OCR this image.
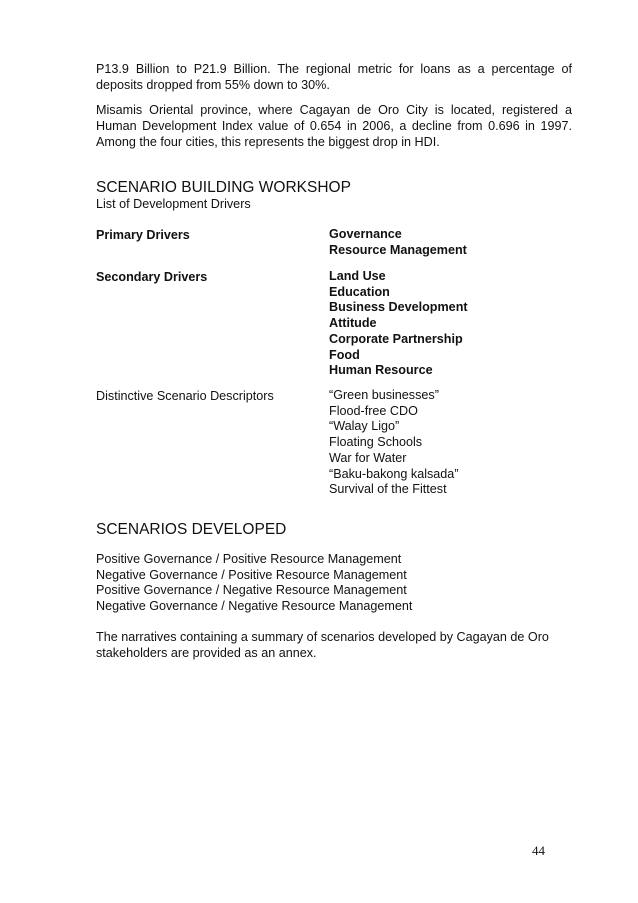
P13.9 Billion to P21.9 Billion. The regional metric for loans as a percentage of deposits dropped from 55% down to 30%.

Misamis Oriental province, where Cagayan de Oro City is located, registered a Human Development Index value of 0.654 in 2006, a decline from 0.696 in 1997. Among the four cities, this represents the biggest drop in HDI.

SCENARIO BUILDING WORKSHOP

List of Development Drivers

Primary Drivers	Governance
Resource Management

Secondary Drivers	Land Use
Education
Business Development
Attitude
Corporate Partnership
Food
Human Resource

Distinctive Scenario Descriptors	“Green businesses”
Flood-free CDO
“Walay Ligo”
Floating Schools
War for Water
“Baku-bakong kalsada”
Survival of the Fittest
SCENARIOS DEVELOPED
Positive Governance / Positive Resource Management
Negative Governance / Positive Resource Management
Positive Governance / Negative Resource Management
Negative Governance / Negative Resource Management

The narratives containing a summary of scenarios developed by Cagayan de Oro stakeholders are provided as an annex.

44
